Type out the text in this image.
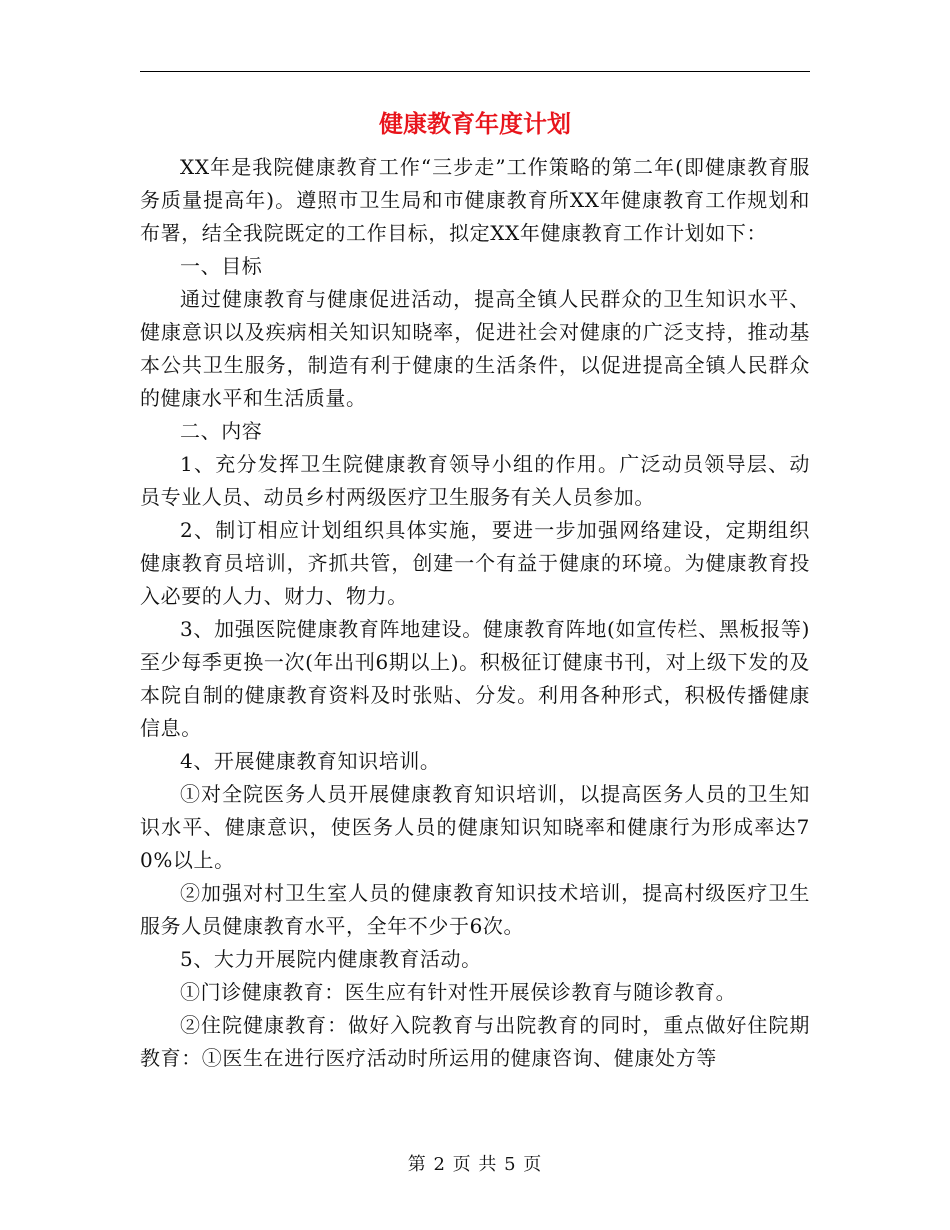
健康教育年度计划

XX年是我院健康教育工作“三步走”工作策略的第二年(即健康教育服务质量提高年)。遵照市卫生局和市健康教育所XX年健康教育工作规划和布署，结全我院既定的工作目标，拟定XX年健康教育工作计划如下：

一、目标

通过健康教育与健康促进活动，提高全镇人民群众的卫生知识水平、健康意识以及疾病相关知识知晓率，促进社会对健康的广泛支持，推动基本公共卫生服务，制造有利于健康的生活条件，以促进提高全镇人民群众的健康水平和生活质量。

二、内容

1、充分发挥卫生院健康教育领导小组的作用。广泛动员领导层、动员专业人员、动员乡村两级医疗卫生服务有关人员参加。

2、制订相应计划组织具体实施，要进一步加强网络建设，定期组织健康教育员培训，齐抓共管，创建一个有益于健康的环境。为健康教育投入必要的人力、财力、物力。

3、加强医院健康教育阵地建设。健康教育阵地(如宣传栏、黑板报等)至少每季更换一次(年出刊6期以上)。积极征订健康书刊，对上级下发的及本院自制的健康教育资料及时张贴、分发。利用各种形式，积极传播健康信息。

4、开展健康教育知识培训。

①对全院医务人员开展健康教育知识培训，以提高医务人员的卫生知识水平、健康意识，使医务人员的健康知识知晓率和健康行为形成率达70%以上。

②加强对村卫生室人员的健康教育知识技术培训，提高村级医疗卫生服务人员健康教育水平，全年不少于6次。

5、大力开展院内健康教育活动。

①门诊健康教育：医生应有针对性开展侯诊教育与随诊教育。

②住院健康教育：做好入院教育与出院教育的同时，重点做好住院期教育：①医生在进行医疗活动时所运用的健康咨询、健康处方等

第 2 页 共 5 页
